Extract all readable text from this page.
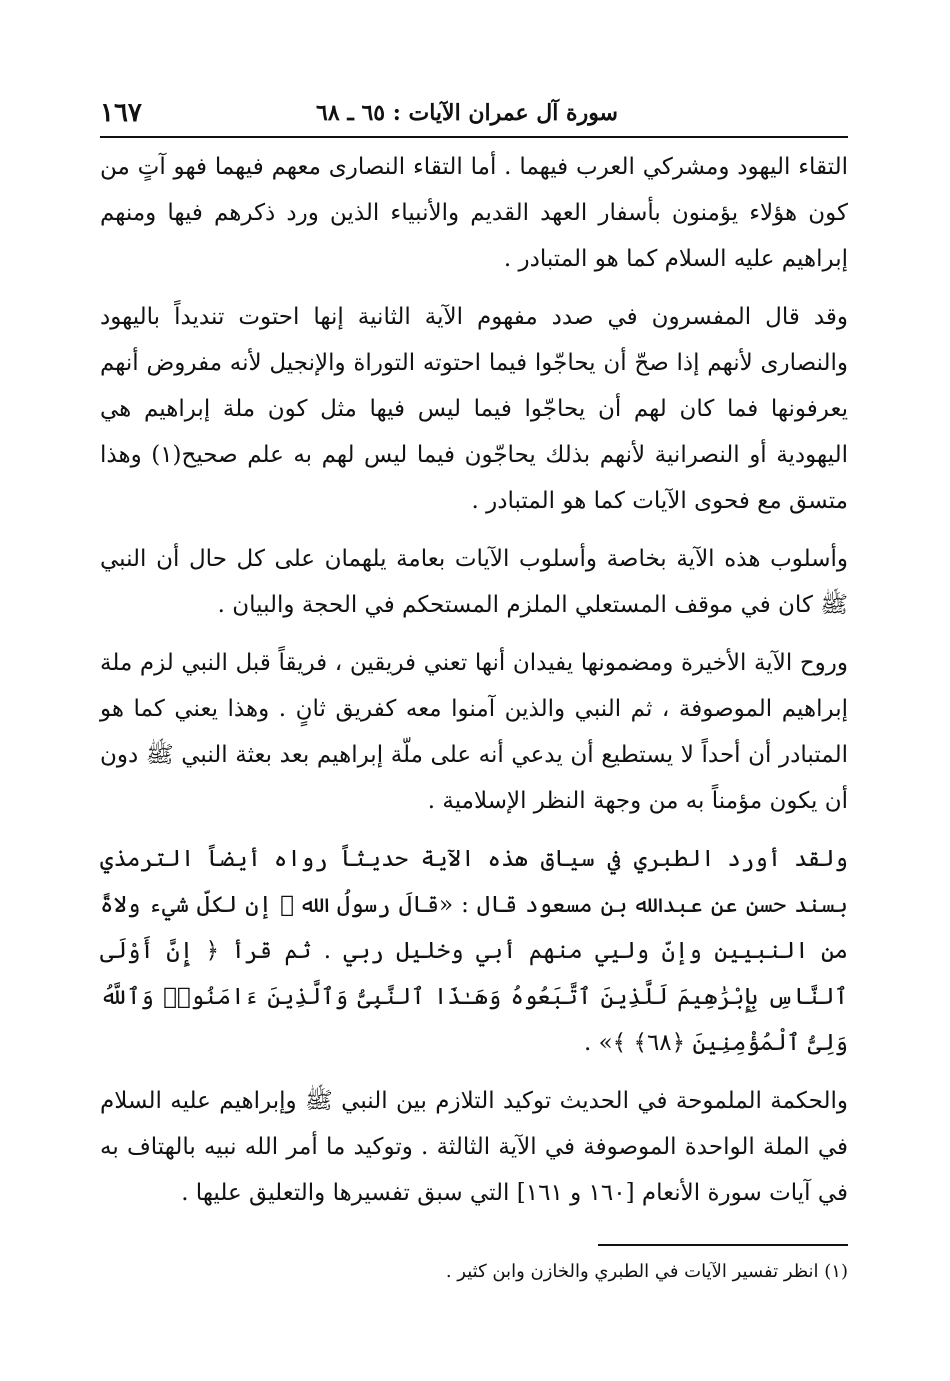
سورة آل عمران الآيات : ٦٥ ـ ٦٨
١٦٧

التقاء اليهود ومشركي العرب فيهما . أما التقاء النصارى معهم فيهما فهو آتٍ من كون هؤلاء يؤمنون بأسفار العهد القديم والأنبياء الذين ورد ذكرهم فيها ومنهم إبراهيم عليه السلام كما هو المتبادر .

وقد قال المفسرون في صدد مفهوم الآية الثانية إنها احتوت تنديداً باليهود والنصارى لأنهم إذا صحّ أن يحاجّوا فيما احتوته التوراة والإنجيل لأنه مفروض أنهم يعرفونها فما كان لهم أن يحاجّوا فيما ليس فيها مثل كون ملة إبراهيم هي اليهودية أو النصرانية لأنهم بذلك يحاجّون فيما ليس لهم به علم صحيح(١) وهذا متسق مع فحوى الآيات كما هو المتبادر .

وأسلوب هذه الآية بخاصة وأسلوب الآيات بعامة يلهمان على كل حال أن النبي ﷺ كان في موقف المستعلي الملزم المستحكم في الحجة والبيان .

وروح الآية الأخيرة ومضمونها يفيدان أنها تعني فريقين ، فريقاً قبل النبي لزم ملة إبراهيم الموصوفة ، ثم النبي والذين آمنوا معه كفريق ثانٍ . وهذا يعني كما هو المتبادر أن أحداً لا يستطيع أن يدعي أنه على ملّة إبراهيم بعد بعثة النبي ﷺ دون أن يكون مؤمناً به من وجهة النظر الإسلامية .

ولقد أورد الطبري في سياق هذه الآية حديثاً رواه أيضاً الترمذي بسند حسن عن عبدالله بن مسعود قال : «قالَ رسولُ الله ﷺ إن لكلّ شيء ولاةً من النبيين وإنّ وليي منهم أبي وخليل ربي . ثم قرأ ﴿ إِنَّ أَوْلَى ٱلنَّاسِ بِإِبْرَٰهِيمَ لَلَّذِينَ ٱتَّبَعُوهُ وَهَـٰذَا ٱلنَّبِىُّ وَٱلَّذِينَ ءَامَنُوا۟ وَٱللَّهُ وَلِىُّ ٱلْمُؤْمِنِينَ ﴿٦٨﴾ ﴾» .

والحكمة الملموحة في الحديث توكيد التلازم بين النبي ﷺ وإبراهيم عليه السلام في الملة الواحدة الموصوفة في الآية الثالثة . وتوكيد ما أمر الله نبيه بالهتاف به في آيات سورة الأنعام [١٦٠ و ١٦١] التي سبق تفسيرها والتعليق عليها .

(١) انظر تفسير الآيات في الطبري والخازن وابن كثير .
